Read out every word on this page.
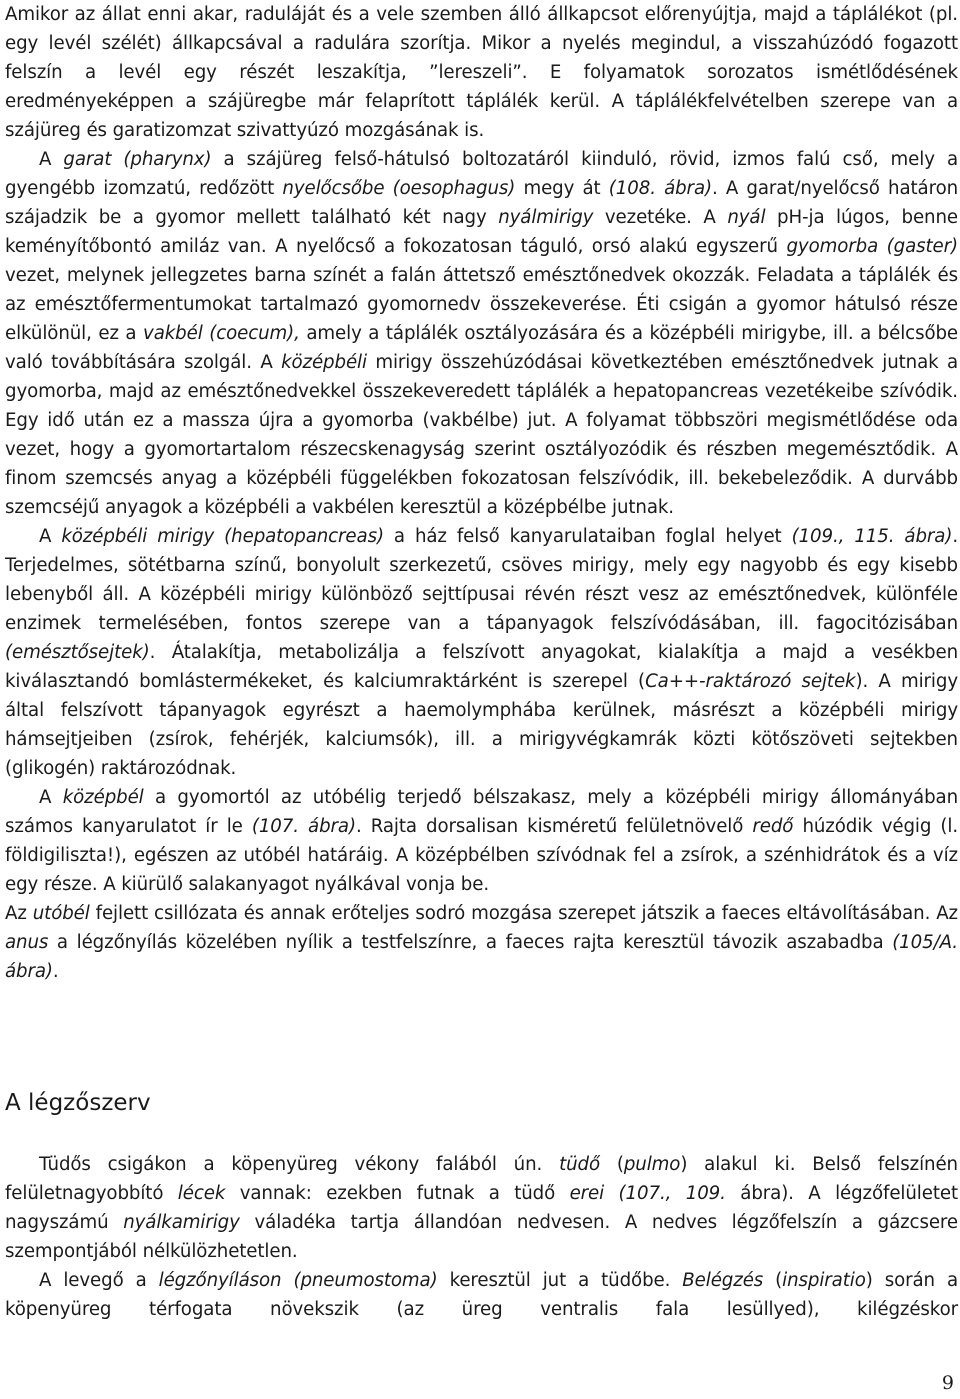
Amikor az állat enni akar, raduláját és a vele szemben álló állkapcsot előrenyújtja, majd a táplálékot (pl. egy levél szélét) állkapcsával a radulára szorítja. Mikor a nyelés megindul, a visszahúzódó fogazott felszín a levél egy részét leszakítja, ”lereszeli”. E folyamatok sorozatos ismétlődésének eredményeképpen a szájüregbe már felaprított táplálék kerül. A táplálékfelvételben szerepe van a szájüreg és garatizomzat szivattyúzó mozgásának is.

A garat (pharynx) a szájüreg felső-hátulsó boltozatáról kiinduló, rövid, izmos falú cső, mely a gyengébb izomzatú, redőzött nyelőcsőbe (oesophagus) megy át (108. ábra). A garat/nyelőcső határon szájadzik be a gyomor mellett található két nagy nyálmirigy vezetéke. A nyál pH-ja lúgos, benne keményítőbontó amiláz van. A nyelőcső a fokozatosan táguló, orsó alakú egyszerű gyomorba (gaster) vezet, melynek jellegzetes barna színét a falán áttetsző emésztőnedvek okozzák. Feladata a táplálék és az emésztőfermentumokat tartalmazó gyomornedv összekeverése. Éti csigán a gyomor hátulsó része elkülönül, ez a vakbél (coecum), amely a táplálék osztályozására és a középbéli mirigybe, ill. a bélcsőbe való továbbítására szolgál. A középbéli mirigy összehúzódásai következtében emésztőnedvek jutnak a gyomorba, majd az emésztőnedvekkel összekeveredett táplálék a hepatopancreas vezetékeibe szívódik. Egy idő után ez a massza újra a gyomorba (vakbélbe) jut. A folyamat többszöri megismétlődése oda vezet, hogy a gyomortartalom részecskenagyság szerint osztályozódik és részben megemésztődik. A finom szemcsés anyag a középbéli függelékben fokozatosan felszívódik, ill. bekebeleződik. A durvább szemcséjű anyagok a középbéli a vakbélen keresztül a középbélbe jutnak.

A középbéli mirigy (hepatopancreas) a ház felső kanyarulataiban foglal helyet (109., 115. ábra). Terjedelmes, sötétbarna színű, bonyolult szerkezetű, csöves mirigy, mely egy nagyobb és egy kisebb lebenyből áll. A középbéli mirigy különböző sejttípusai révén részt vesz az emésztőnedvek, különféle enzimek termelésében, fontos szerepe van a tápanyagok felszívódásában, ill. fagocitózisában (emésztősejtek). Átalakítja, metabolizálja a felszívott anyagokat, kialakítja a majd a vesékben kiválasztandó bomlástermékeket, és kalciumraktárként is szerepel (Ca++-raktározó sejtek). A mirigy által felszívott tápanyagok egyrészt a haemolymphába kerülnek, másrészt a középbéli mirigy hámsejtjeiben (zsírok, fehérjék, kalciumsók), ill. a mirigyvégkamrák közti kötőszöveti sejtekben (glikogén) raktározódnak.

A középbél a gyomortól az utóbélig terjedő bélszakasz, mely a középbéli mirigy állományában számos kanyarulatot ír le (107. ábra). Rajta dorsalisan kisméretű felületnövelő redő húzódik végig (l. földigiliszta!), egészen az utóbél határáig. A középbélben szívódnak fel a zsírok, a szénhidrátok és a víz egy része. A kiürülő salakanyagot nyálkával vonja be.

Az utóbél fejlett csillózata és annak erőteljes sodró mozgása szerepet játszik a faeces eltávolításában. Az anus a légzőnyílás közelében nyílik a testfelszínre, a faeces rajta keresztül távozik aszabadba (105/A. ábra).

A légzőszerv

Tüdős csigákon a köpenyüreg vékony falából ún. tüdő (pulmo) alakul ki. Belső felszínén felületnagyobbító lécek vannak: ezekben futnak a tüdő erei (107., 109. ábra). A légzőfelületet nagyszámú nyálkamirigy váladéka tartja állandóan nedvesen. A nedves légzőfelszín a gázcsere szempontjából nélkülözhetetlen.

A levegő a légzőnyíláson (pneumostoma) keresztül jut a tüdőbe. Belégzés (inspiratio) során a köpenyüreg térfogata növekszik (az üreg ventralis fala lesüllyed), kilégzéskor

9
